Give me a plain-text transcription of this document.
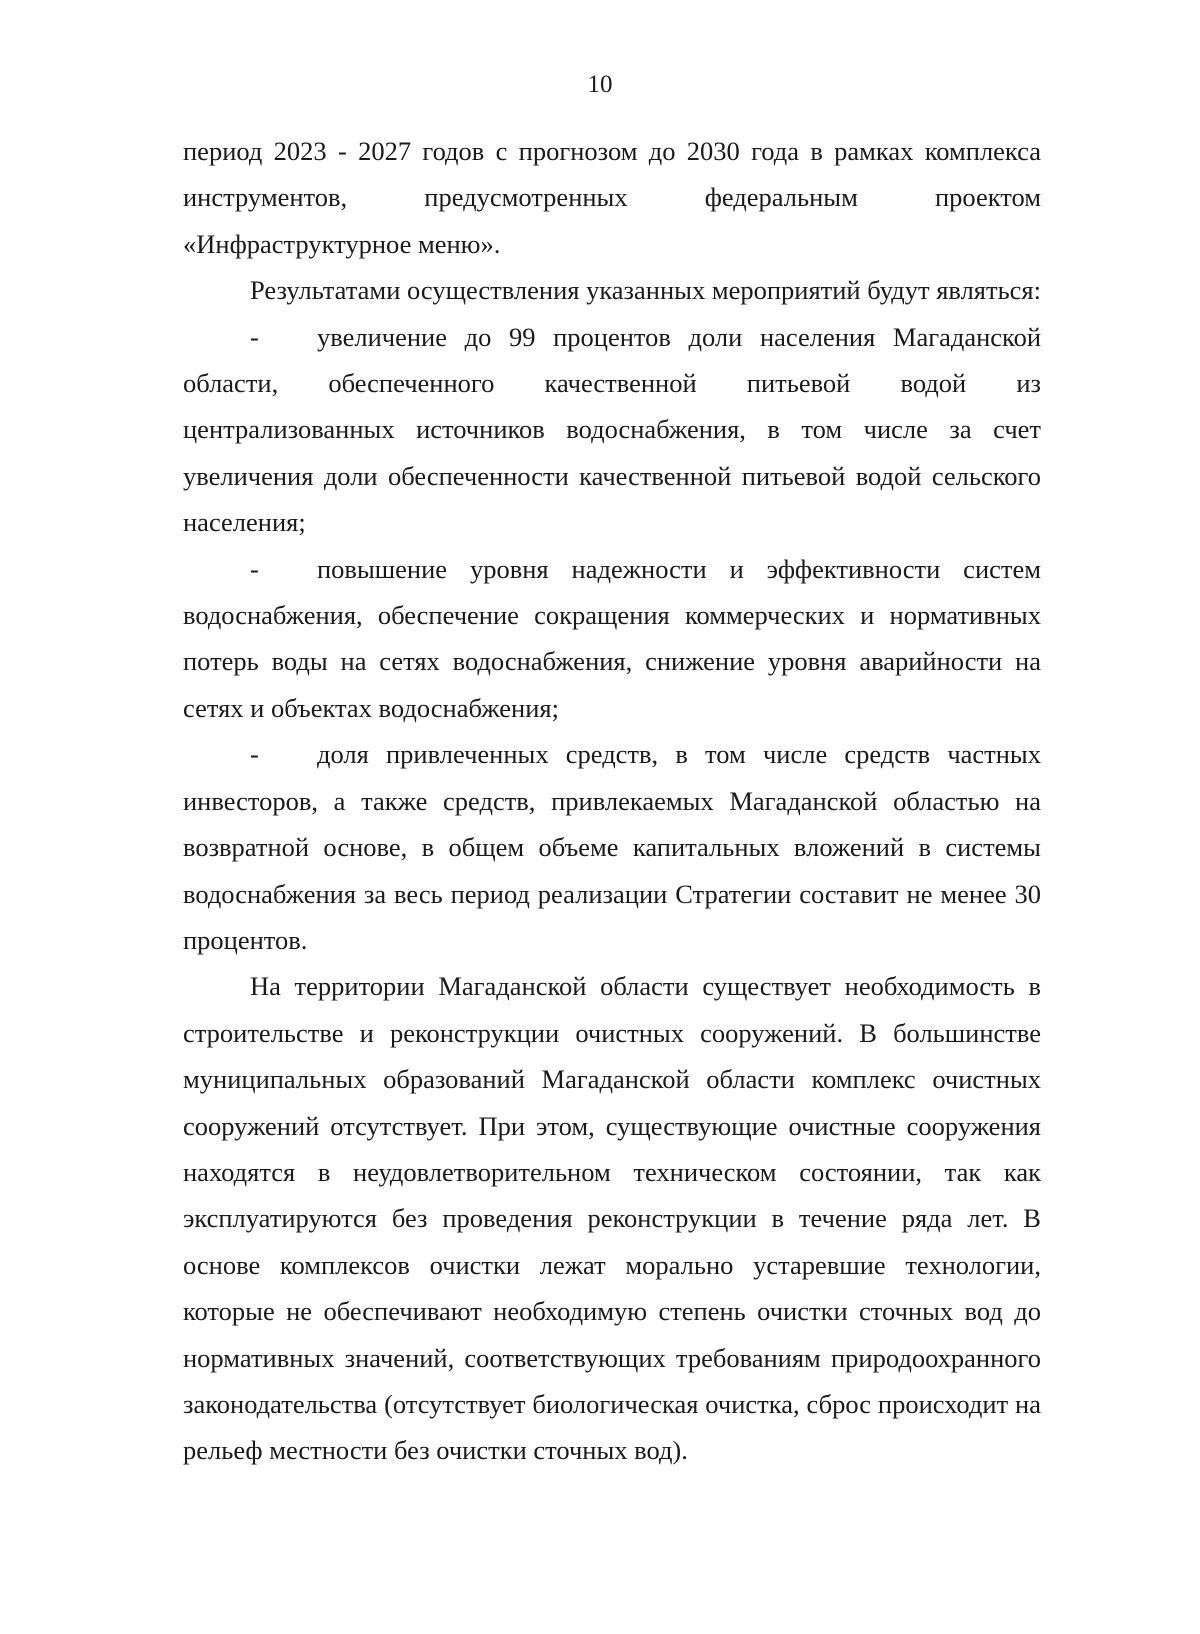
10

период 2023 - 2027 годов с прогнозом до 2030 года в рамках комплекса инструментов, предусмотренных федеральным проектом «Инфраструктурное меню».

Результатами осуществления указанных мероприятий будут являться:

- увеличение до 99 процентов доли населения Магаданской области, обеспеченного качественной питьевой водой из централизованных источников водоснабжения, в том числе за счет увеличения доли обеспеченности качественной питьевой водой сельского населения;

- повышение уровня надежности и эффективности систем водоснабжения, обеспечение сокращения коммерческих и нормативных потерь воды на сетях водоснабжения, снижение уровня аварийности на сетях и объектах водоснабжения;

- доля привлеченных средств, в том числе средств частных инвесторов, а также средств, привлекаемых Магаданской областью на возвратной основе, в общем объеме капитальных вложений в системы водоснабжения за весь период реализации Стратегии составит не менее 30 процентов.

На территории Магаданской области существует необходимость в строительстве и реконструкции очистных сооружений. В большинстве муниципальных образований Магаданской области комплекс очистных сооружений отсутствует. При этом, существующие очистные сооружения находятся в неудовлетворительном техническом состоянии, так как эксплуатируются без проведения реконструкции в течение ряда лет. В основе комплексов очистки лежат морально устаревшие технологии, которые не обеспечивают необходимую степень очистки сточных вод до нормативных значений, соответствующих требованиям природоохранного законодательства (отсутствует биологическая очистка, сброс происходит на рельеф местности без очистки сточных вод).
